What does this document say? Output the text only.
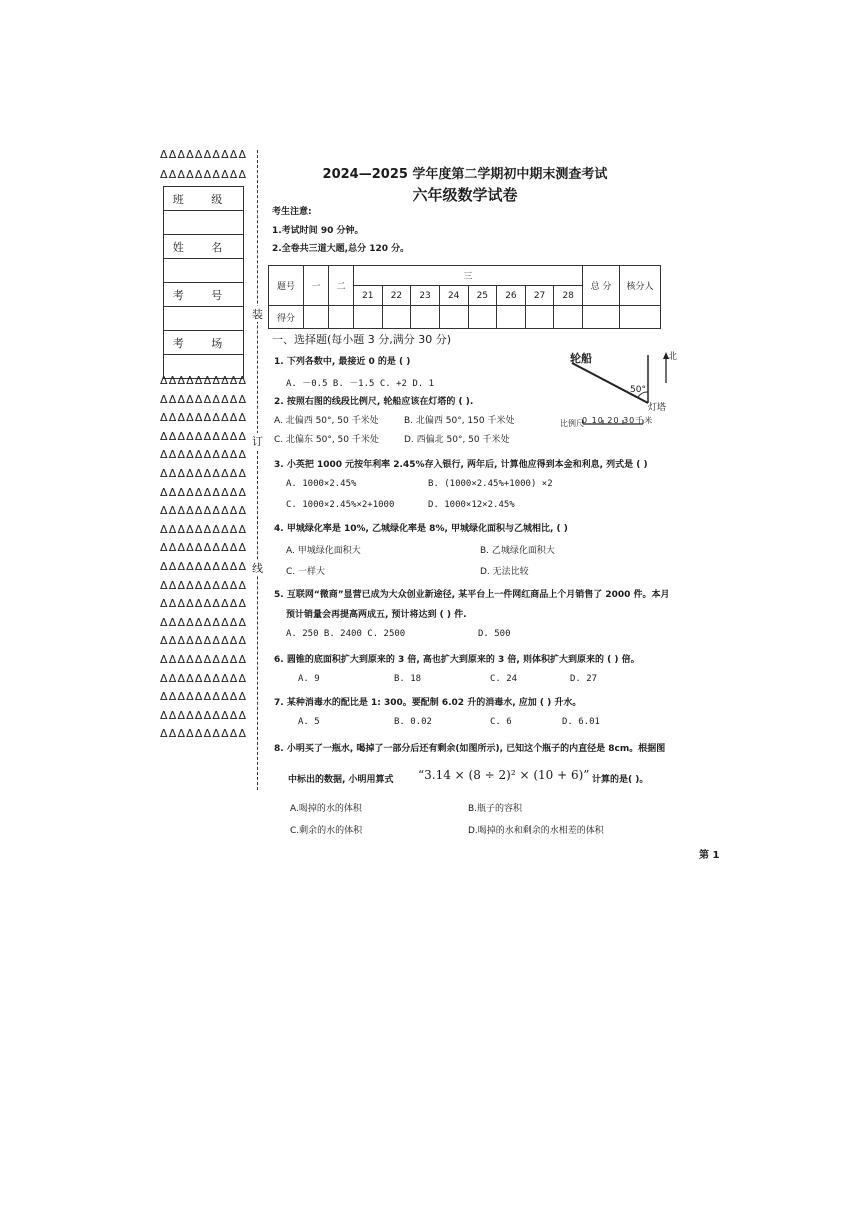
ΔΔΔΔΔΔΔΔΔΔ
ΔΔΔΔΔΔΔΔΔΔ
班 级

姓 名

考 号

考 场

ΔΔΔΔΔΔΔΔΔΔ
ΔΔΔΔΔΔΔΔΔΔ
ΔΔΔΔΔΔΔΔΔΔ
ΔΔΔΔΔΔΔΔΔΔ
ΔΔΔΔΔΔΔΔΔΔ
ΔΔΔΔΔΔΔΔΔΔ
ΔΔΔΔΔΔΔΔΔΔ
ΔΔΔΔΔΔΔΔΔΔ
ΔΔΔΔΔΔΔΔΔΔ
ΔΔΔΔΔΔΔΔΔΔ
ΔΔΔΔΔΔΔΔΔΔ
ΔΔΔΔΔΔΔΔΔΔ
ΔΔΔΔΔΔΔΔΔΔ
ΔΔΔΔΔΔΔΔΔΔ
ΔΔΔΔΔΔΔΔΔΔ
ΔΔΔΔΔΔΔΔΔΔ
ΔΔΔΔΔΔΔΔΔΔ
ΔΔΔΔΔΔΔΔΔΔ
ΔΔΔΔΔΔΔΔΔΔ
ΔΔΔΔΔΔΔΔΔΔ
装
订
线
2024—2025 学年度第二学期初中期末测查考试
六年级数学试卷
考生注意:
1.考试时间 90 分钟。
2.全卷共三道大题,总分 120 分。
题号	一	二	三								总 分	核分人
			21	22	23	24	25	26	27	28		
得分												
一、选择题(每小题 3 分,满分 30 分)
轮船	北
50°
灯塔
比例尺
0 10 20 30千米
1. 下列各数中, 最接近 0 的是 ( )
A. －0.5 B. －1.5 C. +2 D. 1
2. 按照右图的线段比例尺, 轮船应该在灯塔的 ( ).
A. 北偏西 50°, 50 千米处	B. 北偏西 50°, 150 千米处
C. 北偏东 50°, 50 千米处	D. 西偏北 50°, 50 千米处
3. 小英把 1000 元按年利率 2.45%存入银行, 两年后, 计算他应得到本金和利息, 列式是 ( )
A. 1000×2.45%	B. (1000×2.45%+1000) ×2
C. 1000×2.45%×2+1000	D. 1000×12×2.45%
4. 甲城绿化率是 10%, 乙城绿化率是 8%, 甲城绿化面积与乙城相比, ( )
A. 甲城绿化面积大	B. 乙城绿化面积大
C. 一样大	D. 无法比较
5. 互联网“微商”显营已成为大众创业新途径, 某平台上一件网红商品上个月销售了 2000 件。本月
预计销量会再提高两成五, 预计将达到 ( ) 件.
A. 250 B. 2400 C. 2500	D. 500
6. 圆锥的底面积扩大到原来的 3 倍, 高也扩大到原来的 3 倍, 则体积扩大到原来的 ( ) 倍。
A. 9	B. 18	C. 24	D. 27
7. 某种消毒水的配比是 1: 300。要配制 6.02 升的消毒水, 应加 ( ) 升水。
A. 5	B. 0.02	C. 6	D. 6.01
8. 小明买了一瓶水, 喝掉了一部分后还有剩余(如图所示), 已知这个瓶子的内直径是 8cm。根据图
中标出的数据, 小明用算式 “3.14 × (8 ÷ 2)² × (10 + 6)” 计算的是( )。
A.喝掉的水的体积	B.瓶子的容积
C.剩余的水的体积	D.喝掉的水和剩余的水相差的体积
第 1
